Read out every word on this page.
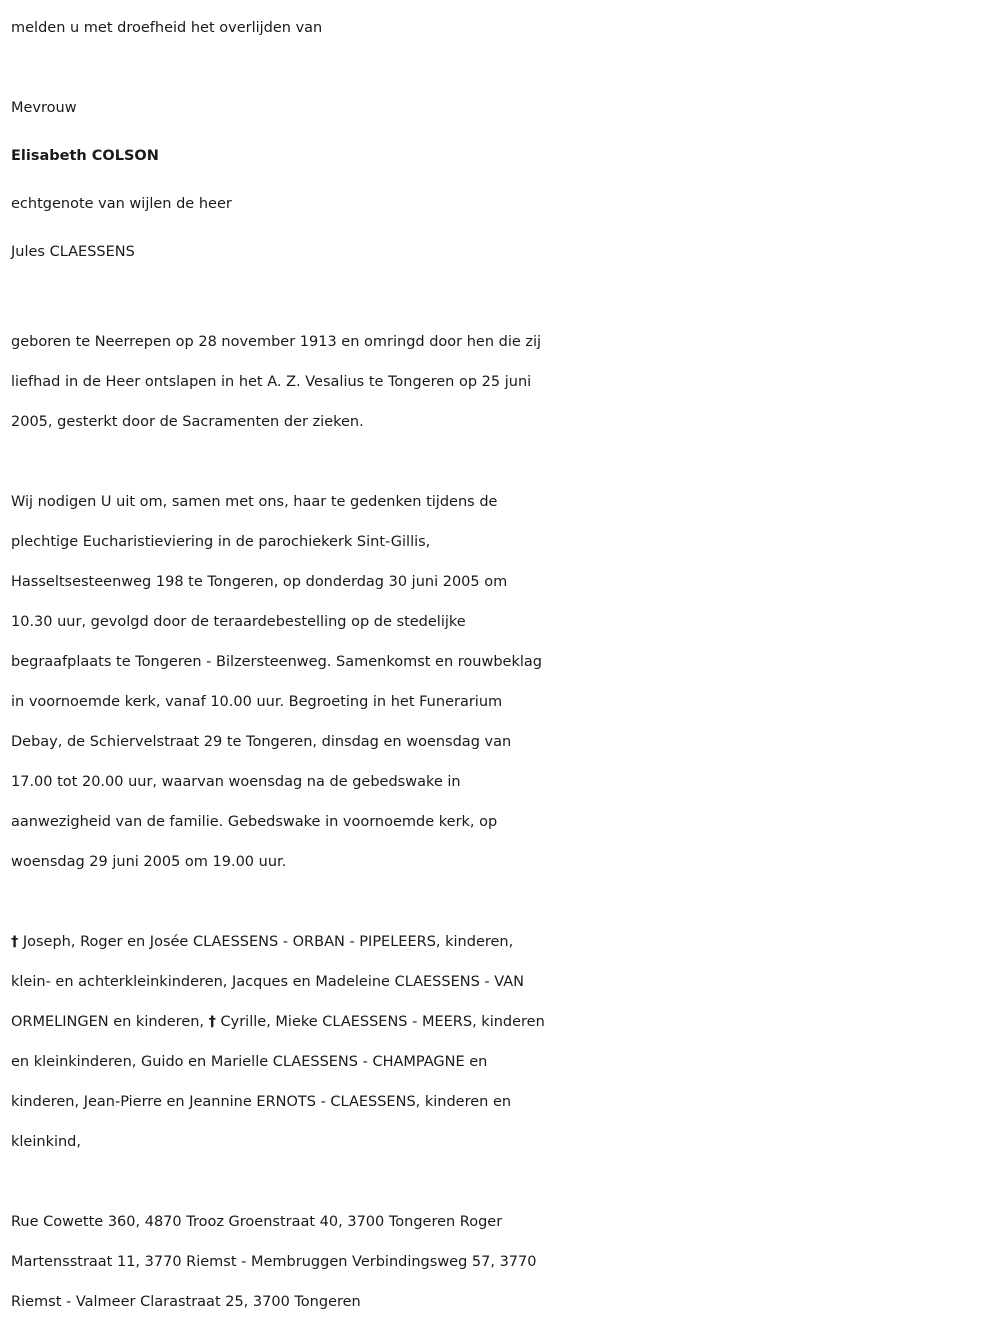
melden u met droefheid het overlijden van

Mevrouw

Elisabeth COLSON

echtgenote van wijlen de heer

Jules CLAESSENS

geboren te Neerrepen op 28 november 1913 en omringd door hen die zij
liefhad in de Heer ontslapen in het A. Z. Vesalius te Tongeren op 25 juni
2005, gesterkt door de Sacramenten der zieken.
Wij nodigen U uit om, samen met ons, haar te gedenken tijdens de
plechtige Eucharistieviering in de parochiekerk Sint-Gillis,
Hasseltsesteenweg 198 te Tongeren, op donderdag 30 juni 2005 om
10.30 uur, gevolgd door de teraardebestelling op de stedelijke
begraafplaats te Tongeren - Bilzersteenweg. Samenkomst en rouwbeklag
in voornoemde kerk, vanaf 10.00 uur. Begroeting in het Funerarium
Debay, de Schiervelstraat 29 te Tongeren, dinsdag en woensdag van
17.00 tot 20.00 uur, waarvan woensdag na de gebedswake in
aanwezigheid van de familie. Gebedswake in voornoemde kerk, op
woensdag 29 juni 2005 om 19.00 uur.
† Joseph, Roger en Josée CLAESSENS - ORBAN - PIPELEERS, kinderen,
klein- en achterkleinkinderen, Jacques en Madeleine CLAESSENS - VAN
ORMELINGEN en kinderen, † Cyrille, Mieke CLAESSENS - MEERS, kinderen
en kleinkinderen, Guido en Marielle CLAESSENS - CHAMPAGNE en
kinderen, Jean-Pierre en Jeannine ERNOTS - CLAESSENS, kinderen en
kleinkind,
Rue Cowette 360, 4870 Trooz Groenstraat 40, 3700 Tongeren Roger
Martensstraat 11, 3770 Riemst - Membruggen Verbindingsweg 57, 3770
Riemst - Valmeer Clarastraat 25, 3700 Tongeren
